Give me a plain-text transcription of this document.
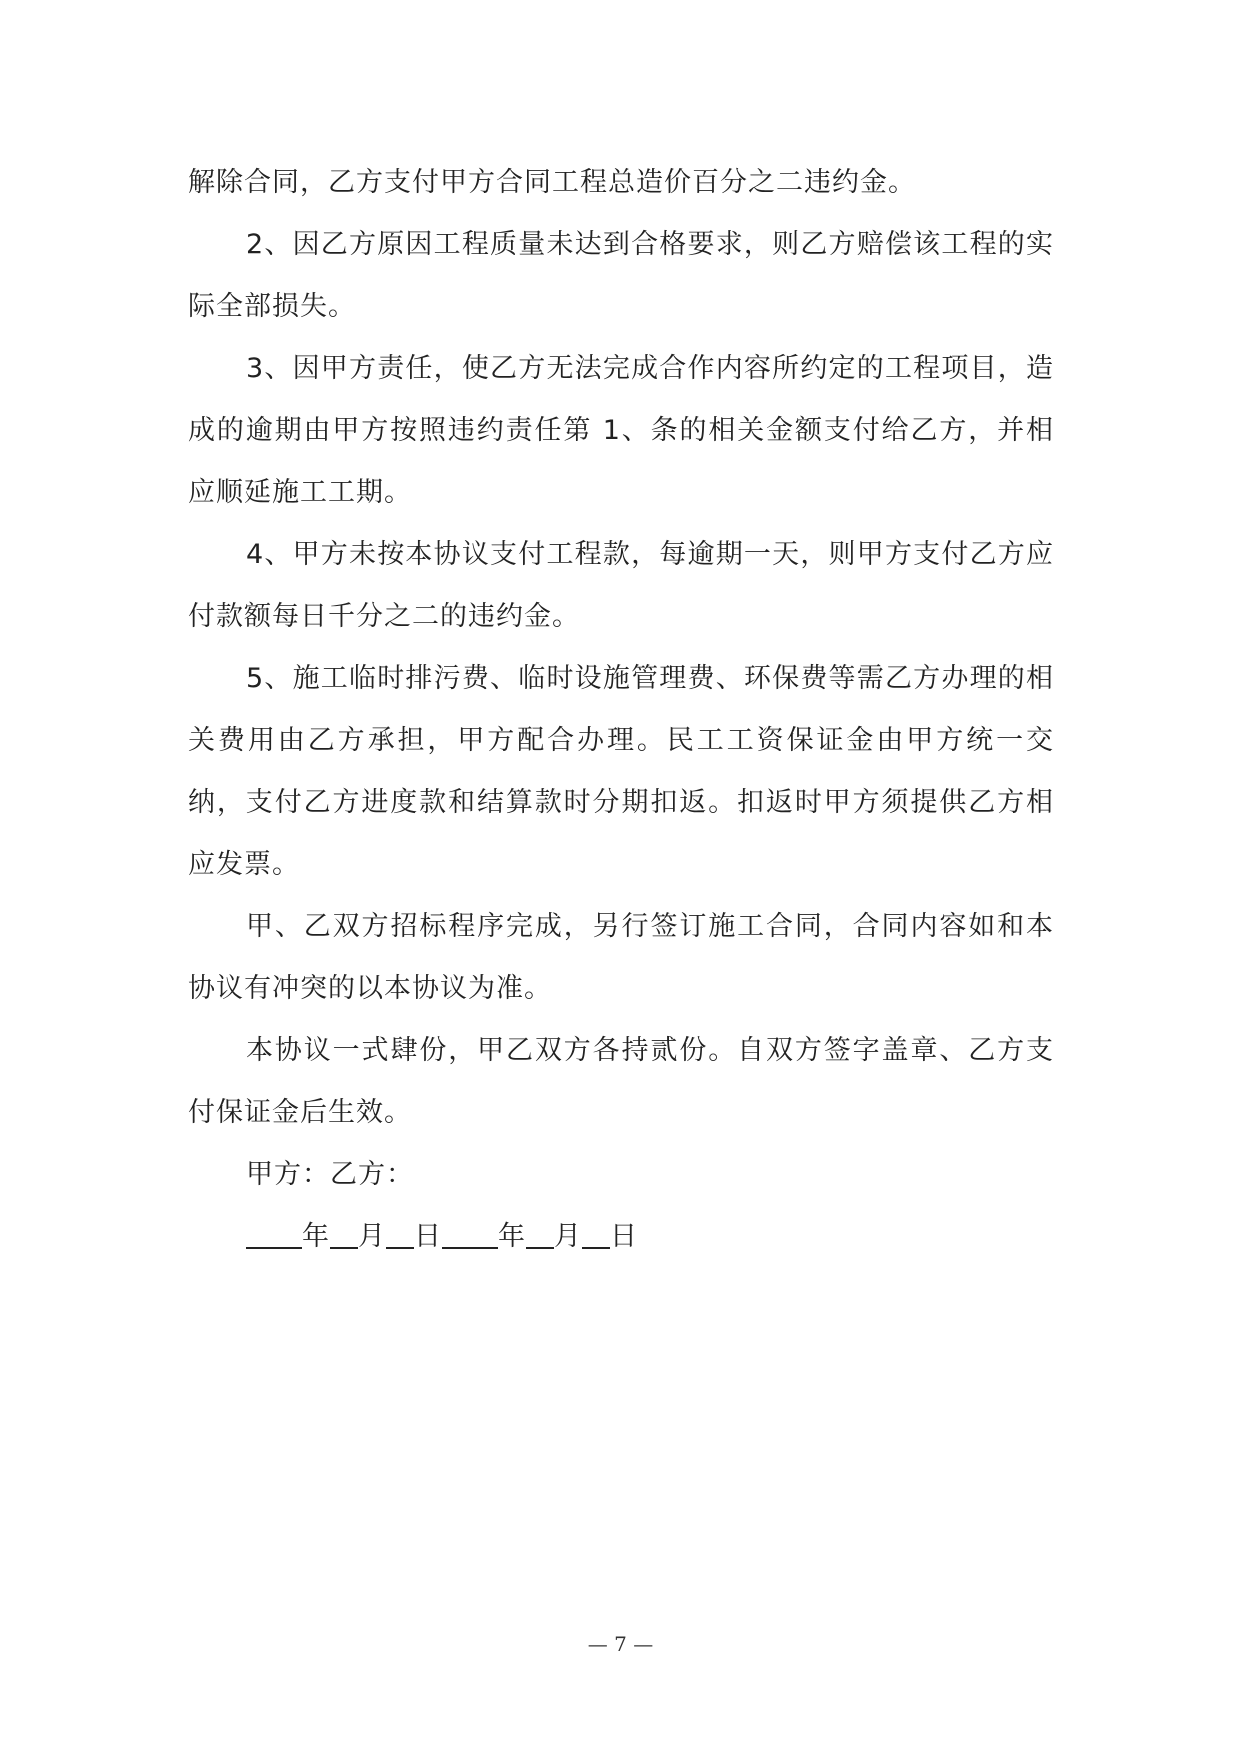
解除合同，乙方支付甲方合同工程总造价百分之二违约金。

2、因乙方原因工程质量未达到合格要求，则乙方赔偿该工程的实际全部损失。

3、因甲方责任，使乙方无法完成合作内容所约定的工程项目，造成的逾期由甲方按照违约责任第 1、条的相关金额支付给乙方，并相应顺延施工工期。

4、甲方未按本协议支付工程款，每逾期一天，则甲方支付乙方应付款额每日千分之二的违约金。

5、施工临时排污费、临时设施管理费、环保费等需乙方办理的相关费用由乙方承担，甲方配合办理。民工工资保证金由甲方统一交纳，支付乙方进度款和结算款时分期扣返。扣返时甲方须提供乙方相应发票。

甲、乙双方招标程序完成，另行签订施工合同，合同内容如和本协议有冲突的以本协议为准。

本协议一式肆份，甲乙双方各持贰份。自双方签字盖章、乙方支付保证金后生效。

甲方：乙方：

年 月 日 年 月 日

— 7 —
